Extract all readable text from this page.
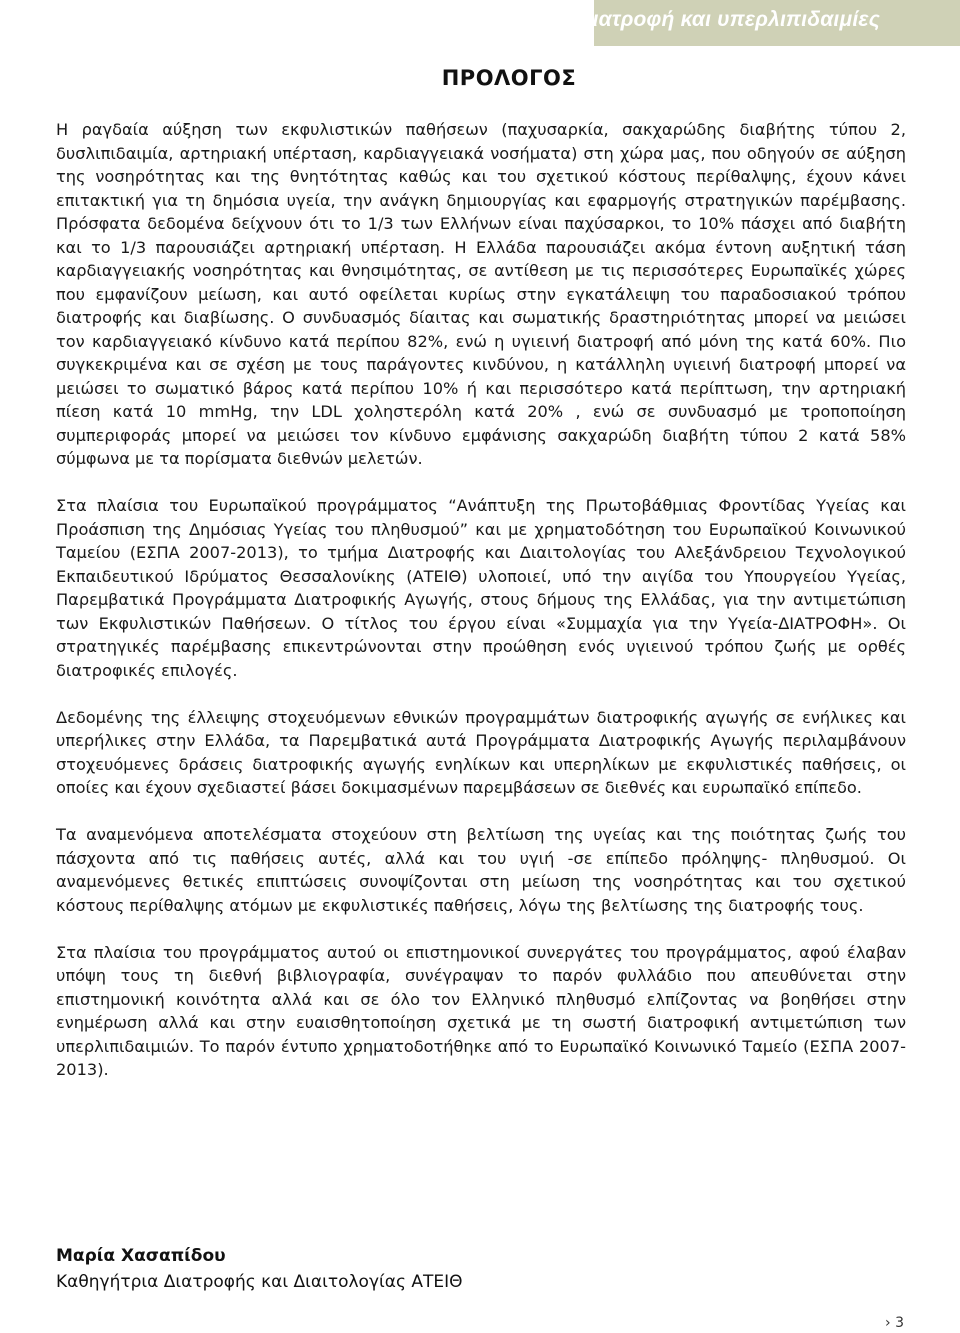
Διατροφή και υπερλιπιδαιμίες
ΠΡΟΛΟΓΟΣ

Η ραγδαία αύξηση των εκφυλιστικών παθήσεων (παχυσαρκία, σακχαρώδης διαβήτης τύπου 2, δυσλιπιδαιμία, αρτηριακή υπέρταση, καρδιαγγειακά νοσήματα) στη χώρα μας, που οδηγούν σε αύξηση της νοσηρότητας και της θνητότητας καθώς και του σχετικού κόστους περίθαλψης, έχουν κάνει επιτακτική για τη δημόσια υγεία, την ανάγκη δημιουργίας και εφαρμογής στρατηγικών παρέμβασης. Πρόσφατα δεδομένα δείχνουν ότι το 1/3 των Ελλήνων είναι παχύσαρκοι, το 10% πάσχει από διαβήτη και το 1/3 παρουσιάζει αρτηριακή υπέρταση. Η Ελλάδα παρουσιάζει ακόμα έντονη αυξητική τάση καρδιαγγειακής νοσηρότητας και θνησιμότητας, σε αντίθεση με τις περισσότερες Ευρωπαϊκές χώρες που εμφανίζουν μείωση, και αυτό οφείλεται κυρίως στην εγκατάλειψη του παραδοσιακού τρόπου διατροφής και διαβίωσης. Ο συνδυασμός δίαιτας και σωματικής δραστηριότητας μπορεί να μειώσει τον καρδιαγγειακό κίνδυνο κατά περίπου 82%, ενώ η υγιεινή διατροφή από μόνη της κατά 60%. Πιο συγκεκριμένα και σε σχέση με τους παράγοντες κινδύνου, η κατάλληλη υγιεινή διατροφή μπορεί να μειώσει το σωματικό βάρος κατά περίπου 10% ή και περισσότερο κατά περίπτωση, την αρτηριακή πίεση κατά 10 mmHg, την LDL χοληστερόλη κατά 20% , ενώ σε συνδυασμό με τροποποίηση συμπεριφοράς μπορεί να μειώσει τον κίνδυνο εμφάνισης σακχαρώδη διαβήτη τύπου 2 κατά 58% σύμφωνα με τα πορίσματα διεθνών μελετών.

Στα πλαίσια του Ευρωπαϊκού προγράμματος “Ανάπτυξη της Πρωτοβάθμιας Φροντίδας Υγείας και Προάσπιση της Δημόσιας Υγείας του πληθυσμού” και με χρηματοδότηση του Ευρωπαϊκού Κοινωνικού Ταμείου (ΕΣΠΑ 2007-2013), το τμήμα Διατροφής και Διαιτολογίας του Αλεξάνδρειου Τεχνολογικού Εκπαιδευτικού Ιδρύματος Θεσσαλονίκης (ΑΤΕΙΘ) υλοποιεί, υπό την αιγίδα του Υπουργείου Υγείας, Παρεμβατικά Προγράμματα Διατροφικής Αγωγής, στους δήμους της Ελλάδας, για την αντιμετώπιση των Εκφυλιστικών Παθήσεων. Ο τίτλος του έργου είναι «Συμμαχία για την Υγεία-ΔΙΑΤΡΟΦΗ». Οι στρατηγικές παρέμβασης επικεντρώνονται στην προώθηση ενός υγιεινού τρόπου ζωής με ορθές διατροφικές επιλογές.

Δεδομένης της έλλειψης στοχευόμενων εθνικών προγραμμάτων διατροφικής αγωγής σε ενήλικες και υπερήλικες στην Ελλάδα, τα Παρεμβατικά αυτά Προγράμματα Διατροφικής Αγωγής περιλαμβάνουν στοχευόμενες δράσεις διατροφικής αγωγής ενηλίκων και υπερηλίκων με εκφυλιστικές παθήσεις, οι οποίες και έχουν σχεδιαστεί βάσει δοκιμασμένων παρεμβάσεων σε διεθνές και ευρωπαϊκό επίπεδο.

Τα αναμενόμενα αποτελέσματα στοχεύουν στη βελτίωση της υγείας και της ποιότητας ζωής του πάσχοντα από τις παθήσεις αυτές, αλλά και του υγιή -σε επίπεδο πρόληψης- πληθυσμού. Οι αναμενόμενες θετικές επιπτώσεις συνοψίζονται στη μείωση της νοσηρότητας και του σχετικού κόστους περίθαλψης ατόμων με εκφυλιστικές παθήσεις, λόγω της βελτίωσης της διατροφής τους.

Στα πλαίσια του προγράμματος αυτού οι επιστημονικοί συνεργάτες του προγράμματος, αφού έλαβαν υπόψη τους τη διεθνή βιβλιογραφία, συνέγραψαν το παρόν φυλλάδιο που απευθύνεται στην επιστημονική κοινότητα αλλά και σε όλο τον Ελληνικό πληθυσμό ελπίζοντας να βοηθήσει στην ενημέρωση αλλά και στην ευαισθητοποίηση σχετικά με τη σωστή διατροφική αντιμετώπιση των υπερλιπιδαιμιών. Το παρόν έντυπο χρηματοδοτήθηκε από το Ευρωπαϊκό Κοινωνικό Ταμείο (ΕΣΠΑ 2007-2013).

Μαρία Χασαπίδου
Καθηγήτρια Διατροφής και Διαιτολογίας ΑΤΕΙΘ
› 3
